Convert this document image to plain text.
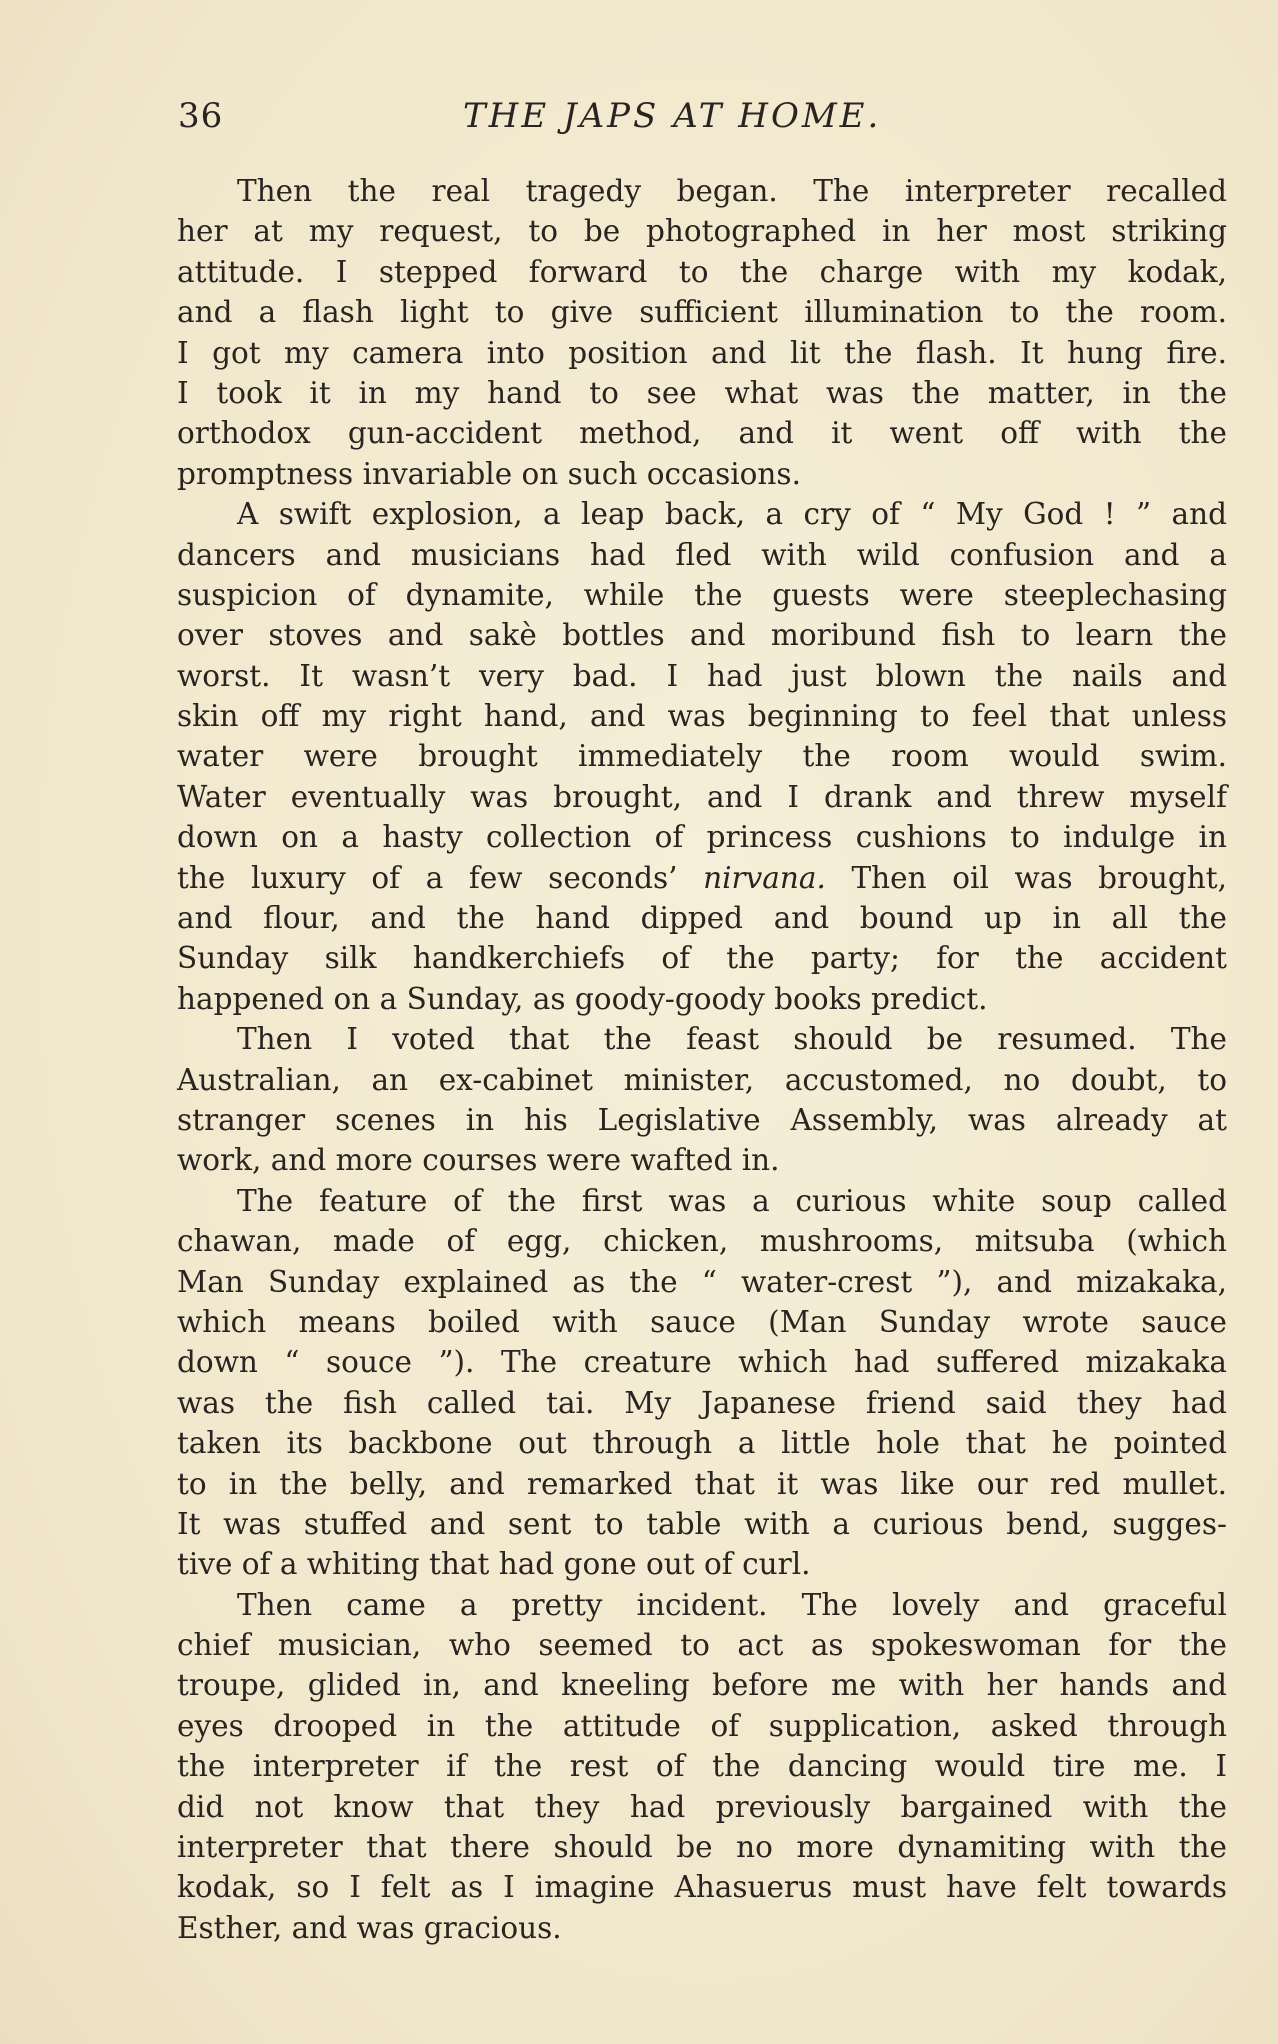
36	THE JAPS AT HOME.
Then the real tragedy began. The interpreter recalled
her at my request, to be photographed in her most striking
attitude. I stepped forward to the charge with my kodak,
and a flash light to give sufficient illumination to the room.
I got my camera into position and lit the flash. It hung fire.
I took it in my hand to see what was the matter, in the
orthodox gun-accident method, and it went off with the
promptness invariable on such occasions.
A swift explosion, a leap back, a cry of “ My God ! ” and
dancers and musicians had fled with wild confusion and a
suspicion of dynamite, while the guests were steeplechasing
over stoves and sakè bottles and moribund fish to learn the
worst. It wasn’t very bad. I had just blown the nails and
skin off my right hand, and was beginning to feel that unless
water were brought immediately the room would swim.
Water eventually was brought, and I drank and threw myself
down on a hasty collection of princess cushions to indulge in
the luxury of a few seconds’ nirvana. Then oil was brought,
and flour, and the hand dipped and bound up in all the
Sunday silk handkerchiefs of the party; for the accident
happened on a Sunday, as goody-goody books predict.
Then I voted that the feast should be resumed. The
Australian, an ex-cabinet minister, accustomed, no doubt, to
stranger scenes in his Legislative Assembly, was already at
work, and more courses were wafted in.
The feature of the first was a curious white soup called
chawan, made of egg, chicken, mushrooms, mitsuba (which
Man Sunday explained as the “ water-crest ”), and mizakaka,
which means boiled with sauce (Man Sunday wrote sauce
down “ souce ”). The creature which had suffered mizakaka
was the fish called tai. My Japanese friend said they had
taken its backbone out through a little hole that he pointed
to in the belly, and remarked that it was like our red mullet.
It was stuffed and sent to table with a curious bend, sugges-
tive of a whiting that had gone out of curl.
Then came a pretty incident. The lovely and graceful
chief musician, who seemed to act as spokeswoman for the
troupe, glided in, and kneeling before me with her hands and
eyes drooped in the attitude of supplication, asked through
the interpreter if the rest of the dancing would tire me. I
did not know that they had previously bargained with the
interpreter that there should be no more dynamiting with the
kodak, so I felt as I imagine Ahasuerus must have felt towards
Esther, and was gracious.
